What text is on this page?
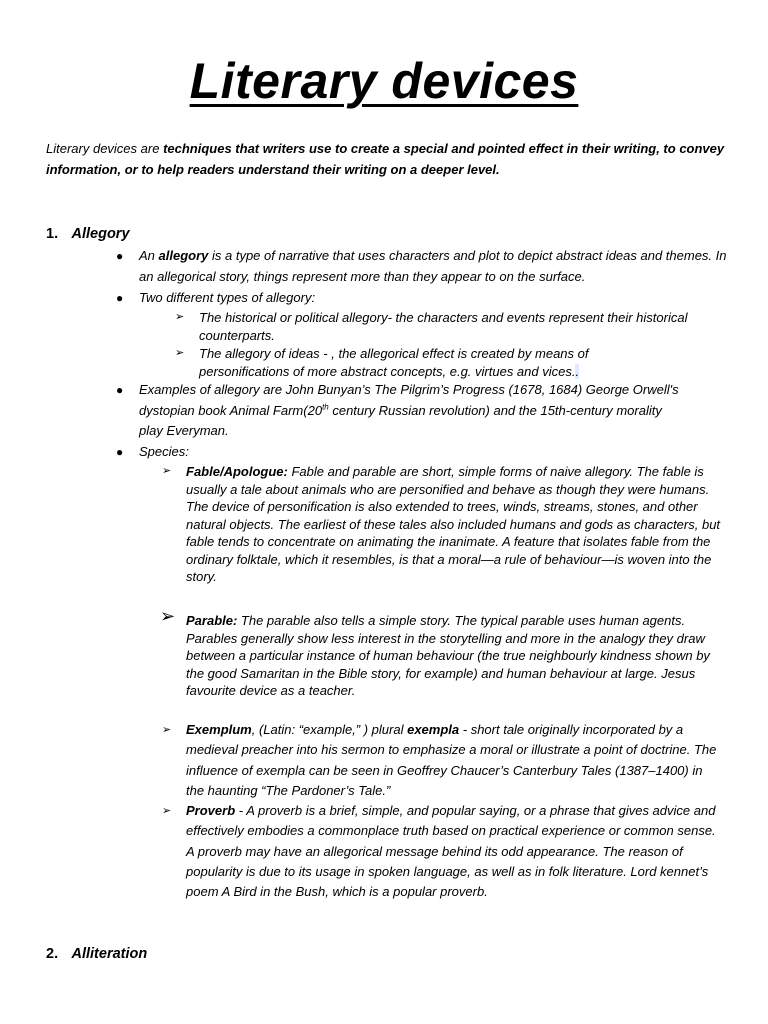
Literary devices
Literary devices are techniques that writers use to create a special and pointed effect in their writing, to convey information, or to help readers understand their writing on a deeper level.
1. Allegory
● An allegory is a type of narrative that uses characters and plot to depict abstract ideas and themes. In an allegorical story, things represent more than they appear to on the surface.
● Two different types of allegory:
➢ The historical or political allegory- the characters and events represent their historical counterparts.
➢ The allegory of ideas - , the allegorical effect is created by means of personifications of more abstract concepts, e.g. virtues and vices..
● Examples of allegory are John Bunyan’s The Pilgrim’s Progress (1678, 1684) George Orwell's dystopian book Animal Farm(20th century Russian revolution) and the 15th-century morality play Everyman.
● Species:
➢ Fable/Apologue: Fable and parable are short, simple forms of naive allegory. The fable is usually a tale about animals who are personified and behave as though they were humans. The device of personification is also extended to trees, winds, streams, stones, and other natural objects. The earliest of these tales also included humans and gods as characters, but fable tends to concentrate on animating the inanimate. A feature that isolates fable from the ordinary folktale, which it resembles, is that a moral—a rule of behaviour—is woven into the story.
➢ Parable: The parable also tells a simple story. The typical parable uses human agents. Parables generally show less interest in the storytelling and more in the analogy they draw between a particular instance of human behaviour (the true neighbourly kindness shown by the good Samaritan in the Bible story, for example) and human behaviour at large. Jesus favourite device as a teacher.
➢ Exemplum, (Latin: “example,” ) plural exempla - short tale originally incorporated by a medieval preacher into his sermon to emphasize a moral or illustrate a point of doctrine. The influence of exempla can be seen in Geoffrey Chaucer’s Canterbury Tales (1387–1400) in the haunting “The Pardoner’s Tale.”
➢ Proverb - A proverb is a brief, simple, and popular saying, or a phrase that gives advice and effectively embodies a commonplace truth based on practical experience or common sense. A proverb may have an allegorical message behind its odd appearance. The reason of popularity is due to its usage in spoken language, as well as in folk literature. Lord kennet’s poem A Bird in the Bush, which is a popular proverb.
2. Alliteration
